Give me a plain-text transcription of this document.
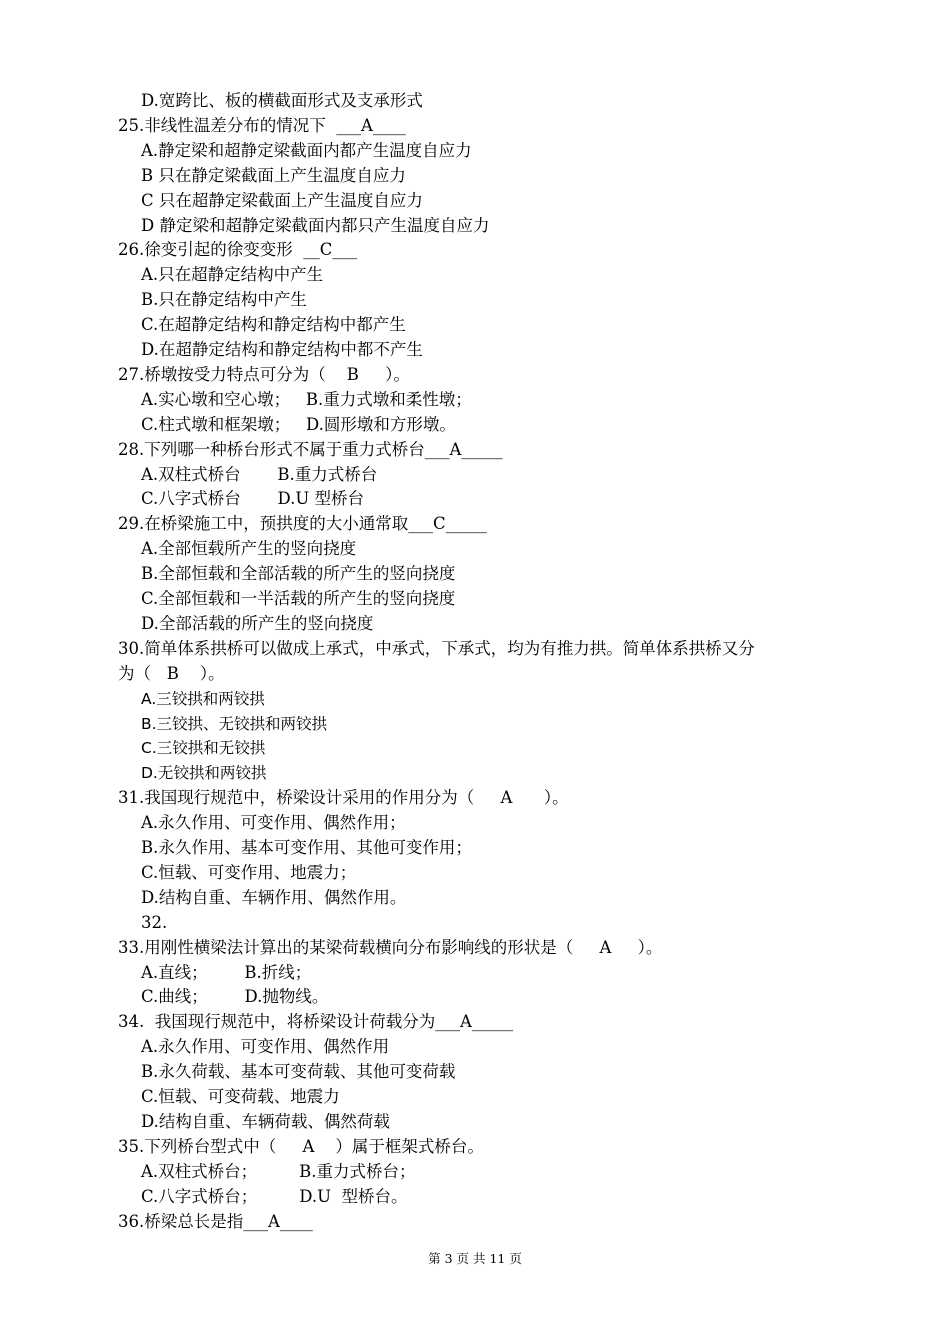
D.宽跨比、板的横截面形式及支承形式
25.非线性温差分布的情况下  ___A____
A.静定梁和超静定梁截面内都产生温度自应力
B 只在静定梁截面上产生温度自应力
C 只在超静定梁截面上产生温度自应力
D 静定梁和超静定梁截面内都只产生温度自应力
26.徐变引起的徐变变形  __C___
A.只在超静定结构中产生
B.只在静定结构中产生
C.在超静定结构和静定结构中都产生
D.在超静定结构和静定结构中都不产生
27.桥墩按受力特点可分为（    B     ）。
A.实心墩和空心墩；   B.重力式墩和柔性墩；
C.柱式墩和框架墩；   D.圆形墩和方形墩。
28.下列哪一种桥台形式不属于重力式桥台___A_____
A.双柱式桥台       B.重力式桥台
C.八字式桥台       D.U 型桥台
29.在桥梁施工中，预拱度的大小通常取___C_____
A.全部恒载所产生的竖向挠度
B.全部恒载和全部活载的所产生的竖向挠度
C.全部恒载和一半活载的所产生的竖向挠度
D.全部活载的所产生的竖向挠度
30.简单体系拱桥可以做成上承式，中承式，下承式，均为有推力拱。简单体系拱桥又分
为（   B    ）。
A.三铰拱和两铰拱
B.三铰拱、无铰拱和两铰拱
C.三铰拱和无铰拱
D.无铰拱和两铰拱
31.我国现行规范中，桥梁设计采用的作用分为（     A      ）。
A.永久作用、可变作用、偶然作用；
B.永久作用、基本可变作用、其他可变作用；
C.恒载、可变作用、地震力；
D.结构自重、车辆作用、偶然作用。
32.
33.用刚性横梁法计算出的某梁荷载横向分布影响线的形状是（     A     ）。
A.直线；       B.折线；
C.曲线；       D.抛物线。
34.  我国现行规范中，将桥梁设计荷载分为___A_____
A.永久作用、可变作用、偶然作用
B.永久荷载、基本可变荷载、其他可变荷载
C.恒载、可变荷载、地震力
D.结构自重、车辆荷载、偶然荷载
35.下列桥台型式中（     A    ）属于框架式桥台。
A.双柱式桥台；        B.重力式桥台；
C.八字式桥台；        D.U  型桥台。
36.桥梁总长是指___A____
第 3 页 共 11 页
